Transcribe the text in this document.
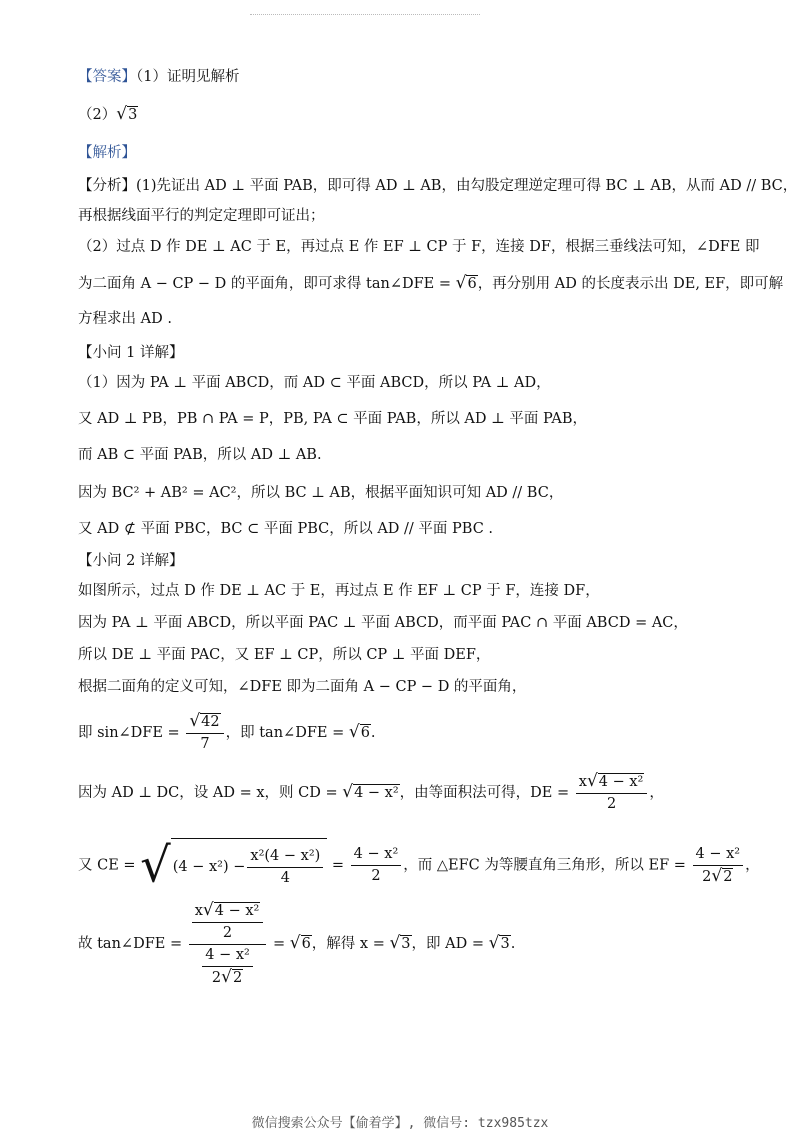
【答案】（1）证明见解析
（2）√3
【解析】
【分析】(1)先证出 AD ⊥ 平面 PAB，即可得 AD ⊥ AB，由勾股定理逆定理可得 BC ⊥ AB，从而 AD // BC，
再根据线面平行的判定定理即可证出；
（2）过点 D 作 DE ⊥ AC 于 E，再过点 E 作 EF ⊥ CP 于 F，连接 DF，根据三垂线法可知，∠DFE 即
为二面角 A − CP − D 的平面角，即可求得 tan∠DFE = √6，再分别用 AD 的长度表示出 DE, EF，即可解
方程求出 AD .
【小问 1 详解】
（1）因为 PA ⊥ 平面 ABCD，而 AD ⊂ 平面 ABCD，所以 PA ⊥ AD，
又 AD ⊥ PB，PB ∩ PA = P，PB, PA ⊂ 平面 PAB，所以 AD ⊥ 平面 PAB，
而 AB ⊂ 平面 PAB，所以 AD ⊥ AB.
因为 BC² + AB² = AC²，所以 BC ⊥ AB，根据平面知识可知 AD // BC，
又 AD ⊄ 平面 PBC，BC ⊂ 平面 PBC，所以 AD // 平面 PBC .
【小问 2 详解】
如图所示，过点 D 作 DE ⊥ AC 于 E，再过点 E 作 EF ⊥ CP 于 F，连接 DF，
因为 PA ⊥ 平面 ABCD，所以平面 PAC ⊥ 平面 ABCD，而平面 PAC ∩ 平面 ABCD = AC，
所以 DE ⊥ 平面 PAC，又 EF ⊥ CP，所以 CP ⊥ 平面 DEF，
根据二面角的定义可知，∠DFE 即为二面角 A − CP − D 的平面角，
即 sin∠DFE = $\frac{√42}{7}$ ，即 tan∠DFE = √6.
因为 AD ⊥ DC，设 AD = x，则 CD = √4 − x²，由等面积法可得，DE = $\frac{\text{x√4 − x²}}{2}$ ，
又 CE = √ $(4 - x^2) - \frac{\text{x²(4 − x²)}}{4} = \frac{\text{4 − x²}}{2}$ ，而 △EFC 为等腰直角三角形，所以 EF = $\frac{\text{4 − x²}}{2√2}$ ，
故 tan∠DFE = $\frac{\frac{\text{x√4 − x²}}{2}}{\frac{\text{4 − x²}}{2√2}} = √6$，解得 x = √3，即 AD = √3.
微信搜索公众号【偷着学】, 微信号: tzx985tzx
